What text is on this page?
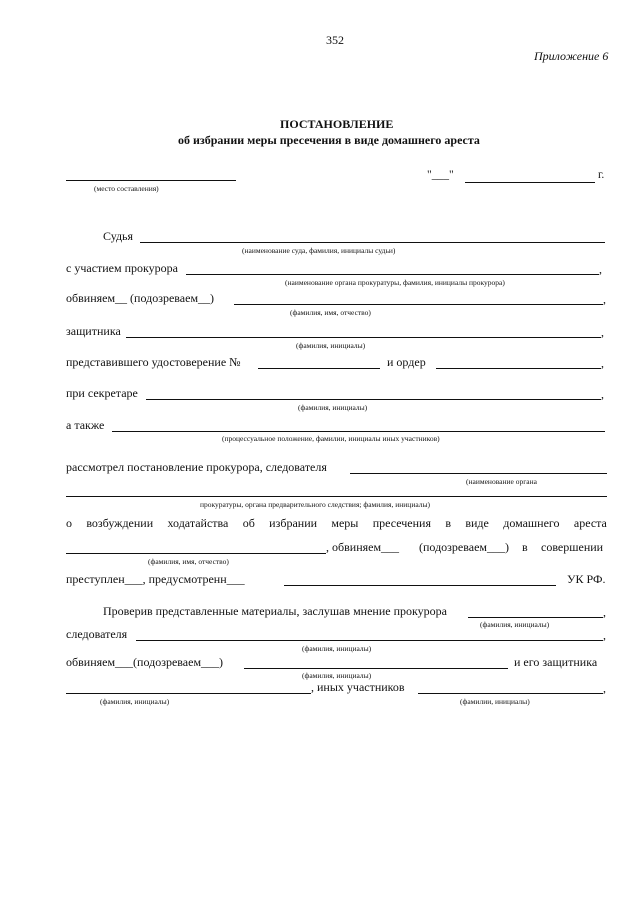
352
Приложение 6
ПОСТАНОВЛЕНИЕ
об избрании меры пресечения в виде домашнего ареста
(место составления)
"___"	г.
Судья
(наименование суда, фамилия, инициалы судьи)
с участием прокурора	,
(наименование органа прокуратуры, фамилия, инициалы прокурора)
обвиняем__ (подозреваем__)	,
(фамилия, имя, отчество)
защитника	,
(фамилия, инициалы)
представившего удостоверение №	и ордер	,
при секретаре	,
(фамилия, инициалы)
а также
(процессуальное положение, фамилии, инициалы иных участников)
рассмотрел постановление прокурора, следователя
(наименование органа
прокуратуры, органа предварительного следствия; фамилия, инициалы)
о возбуждении ходатайства об избрании меры пресечения в виде домашнего ареста
(фамилия, имя, отчество)
, обвиняем___ (подозреваем___) в совершении
преступлен___, предусмотренн___	УК РФ.
Проверив представленные материалы, заслушав мнение прокурора	,
(фамилия, инициалы)
следователя	,
(фамилия, инициалы)
обвиняем___(подозреваем___)
(фамилия, инициалы)
и его защитника
, иных участников	,
(фамилия, инициалы)	(фамилии, инициалы)
